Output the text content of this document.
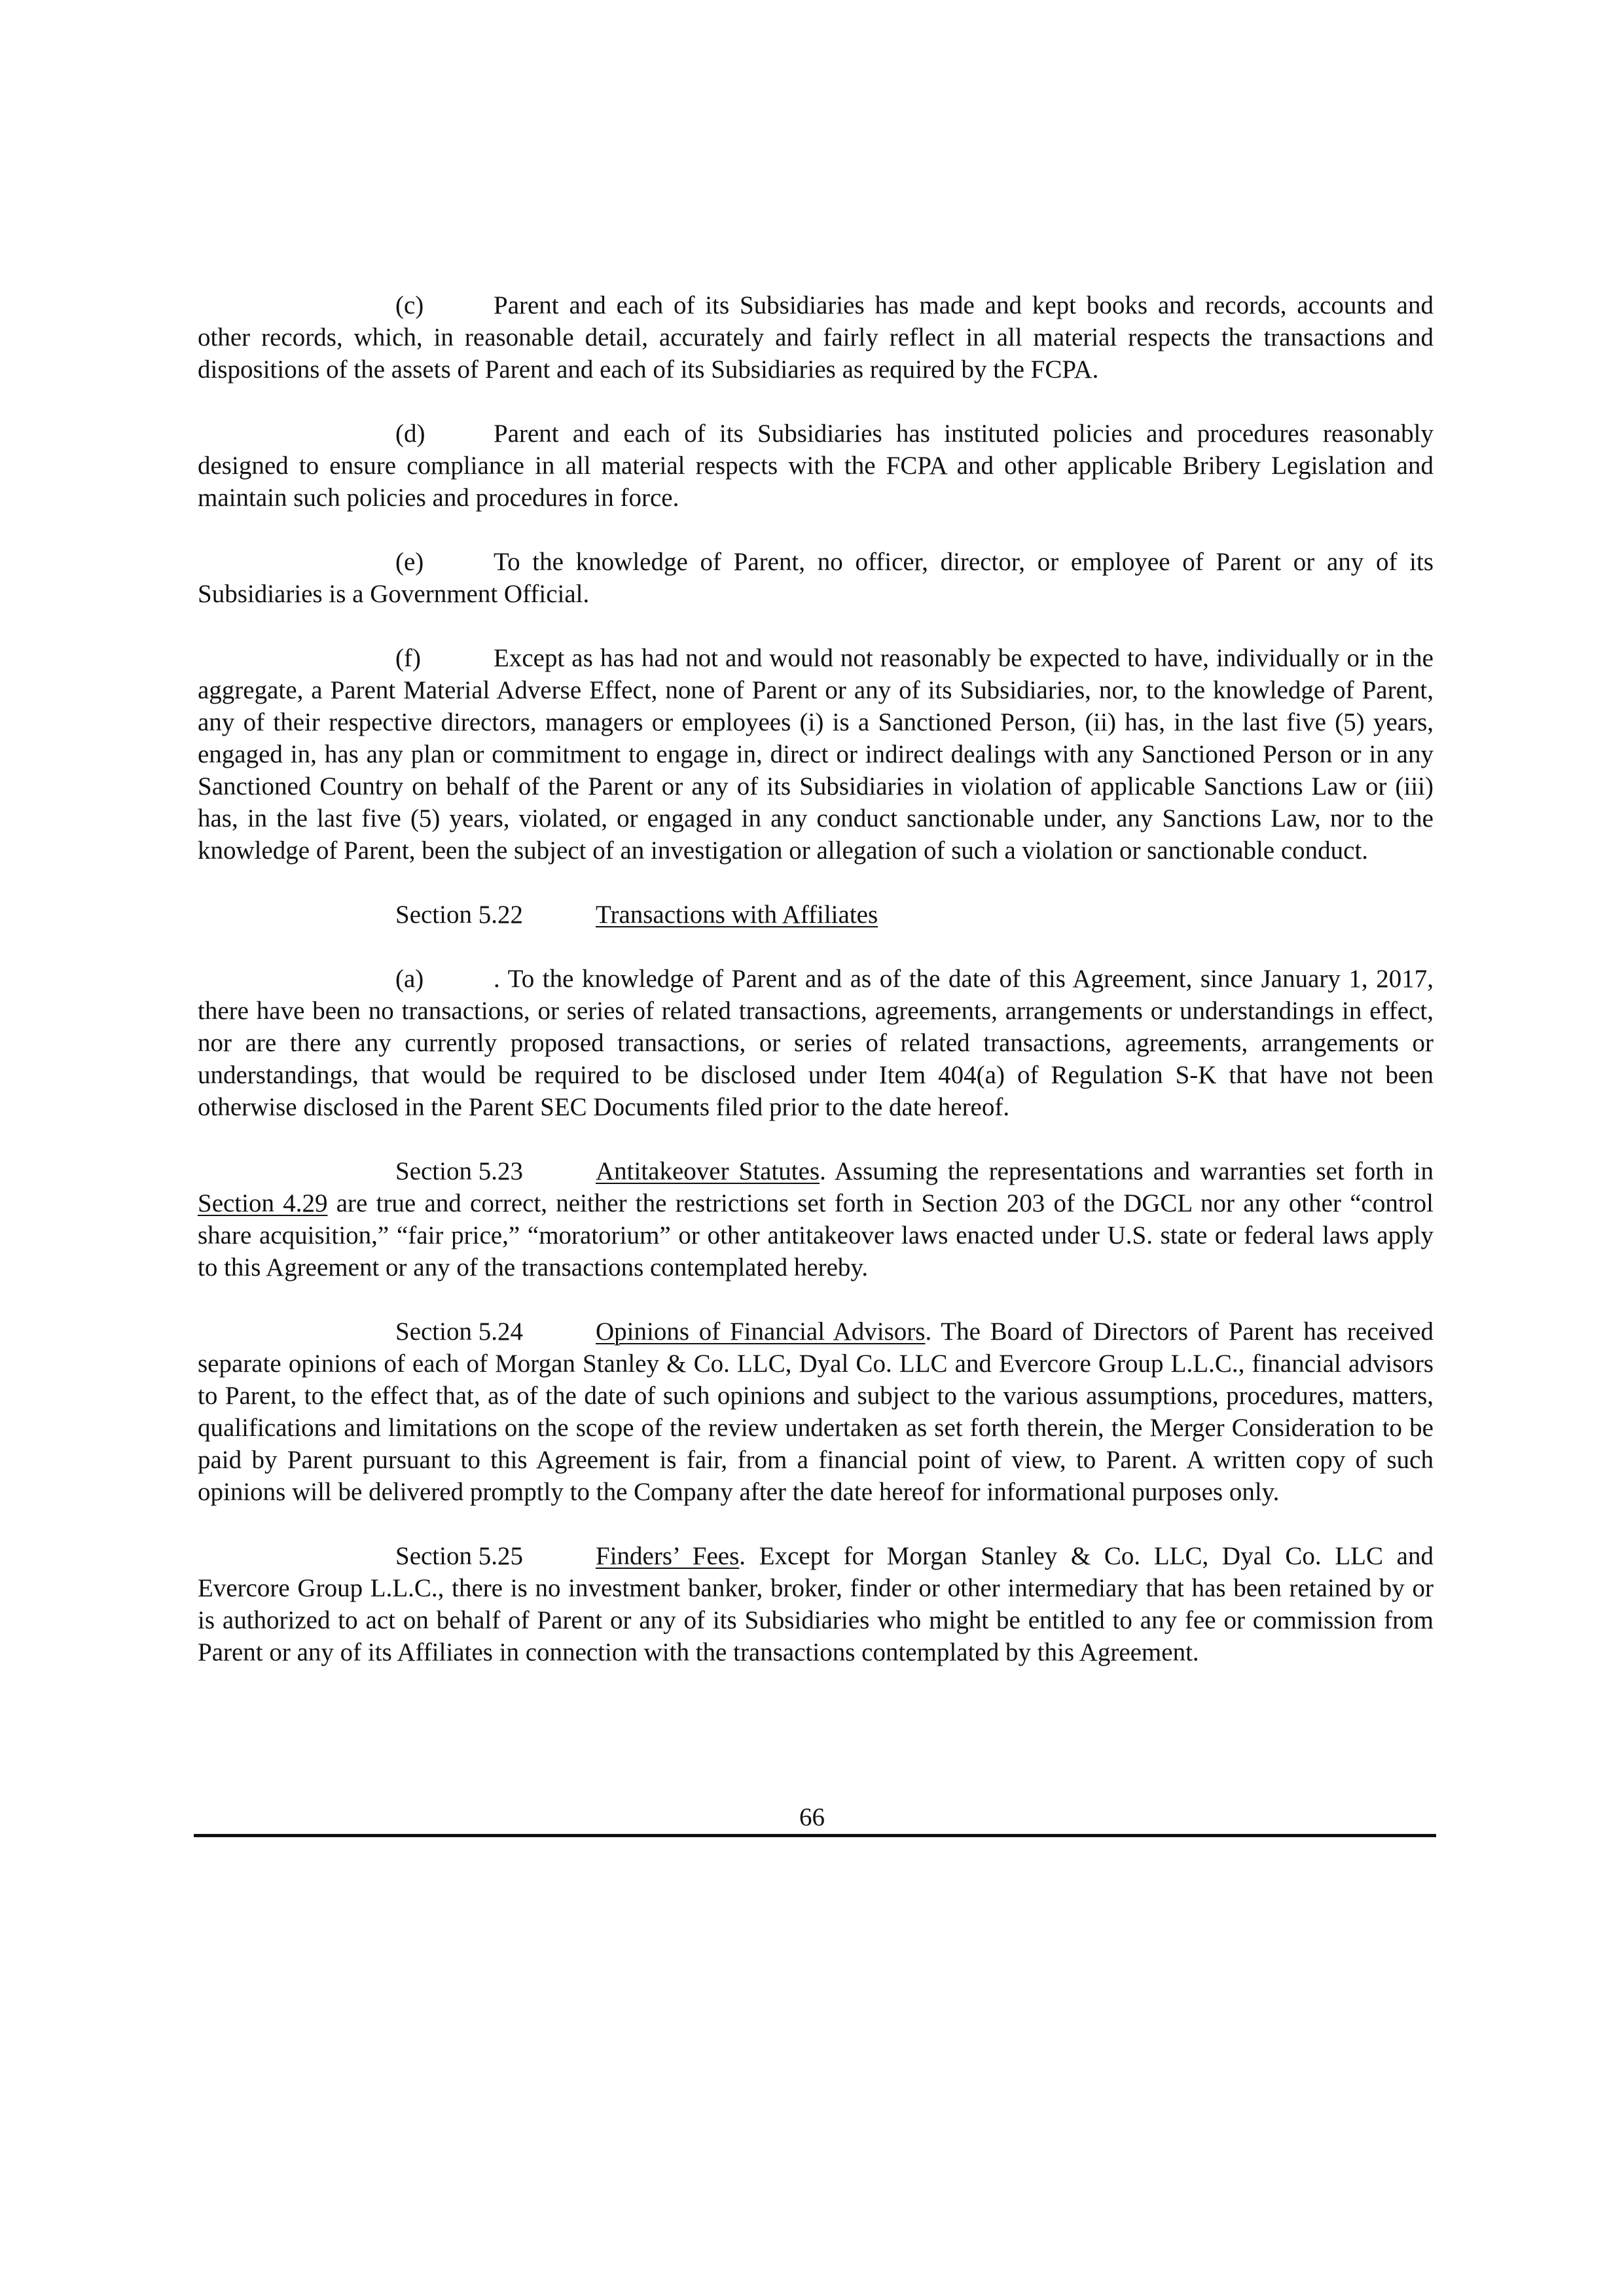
(c)	Parent and each of its Subsidiaries has made and kept books and records, accounts and other records, which, in reasonable detail, accurately and fairly reflect in all material respects the transactions and dispositions of the assets of Parent and each of its Subsidiaries as required by the FCPA.

(d)	Parent and each of its Subsidiaries has instituted policies and procedures reasonably designed to ensure compliance in all material respects with the FCPA and other applicable Bribery Legislation and maintain such policies and procedures in force.

(e)	To the knowledge of Parent, no officer, director, or employee of Parent or any of its Subsidiaries is a Government Official.

(f)	Except as has had not and would not reasonably be expected to have, individually or in the aggregate, a Parent Material Adverse Effect, none of Parent or any of its Subsidiaries, nor, to the knowledge of Parent, any of their respective directors, managers or employees (i) is a Sanctioned Person, (ii) has, in the last five (5) years, engaged in, has any plan or commitment to engage in, direct or indirect dealings with any Sanctioned Person or in any Sanctioned Country on behalf of the Parent or any of its Subsidiaries in violation of applicable Sanctions Law or (iii) has, in the last five (5) years, violated, or engaged in any conduct sanctionable under, any Sanctions Law, nor to the knowledge of Parent, been the subject of an investigation or allegation of such a violation or sanctionable conduct.

Section 5.22	Transactions with Affiliates

(a)	. To the knowledge of Parent and as of the date of this Agreement, since January 1, 2017, there have been no transactions, or series of related transactions, agreements, arrangements or understandings in effect, nor are there any currently proposed transactions, or series of related transactions, agreements, arrangements or understandings, that would be required to be disclosed under Item 404(a) of Regulation S-K that have not been otherwise disclosed in the Parent SEC Documents filed prior to the date hereof.

Section 5.23	Antitakeover Statutes. Assuming the representations and warranties set forth in Section 4.29 are true and correct, neither the restrictions set forth in Section 203 of the DGCL nor any other “control share acquisition,” “fair price,” “moratorium” or other antitakeover laws enacted under U.S. state or federal laws apply to this Agreement or any of the transactions contemplated hereby.

Section 5.24	Opinions of Financial Advisors. The Board of Directors of Parent has received separate opinions of each of Morgan Stanley & Co. LLC, Dyal Co. LLC and Evercore Group L.L.C., financial advisors to Parent, to the effect that, as of the date of such opinions and subject to the various assumptions, procedures, matters, qualifications and limitations on the scope of the review undertaken as set forth therein, the Merger Consideration to be paid by Parent pursuant to this Agreement is fair, from a financial point of view, to Parent. A written copy of such opinions will be delivered promptly to the Company after the date hereof for informational purposes only.

Section 5.25	Finders’ Fees. Except for Morgan Stanley & Co. LLC, Dyal Co. LLC and Evercore Group L.L.C., there is no investment banker, broker, finder or other intermediary that has been retained by or is authorized to act on behalf of Parent or any of its Subsidiaries who might be entitled to any fee or commission from Parent or any of its Affiliates in connection with the transactions contemplated by this Agreement.

66
